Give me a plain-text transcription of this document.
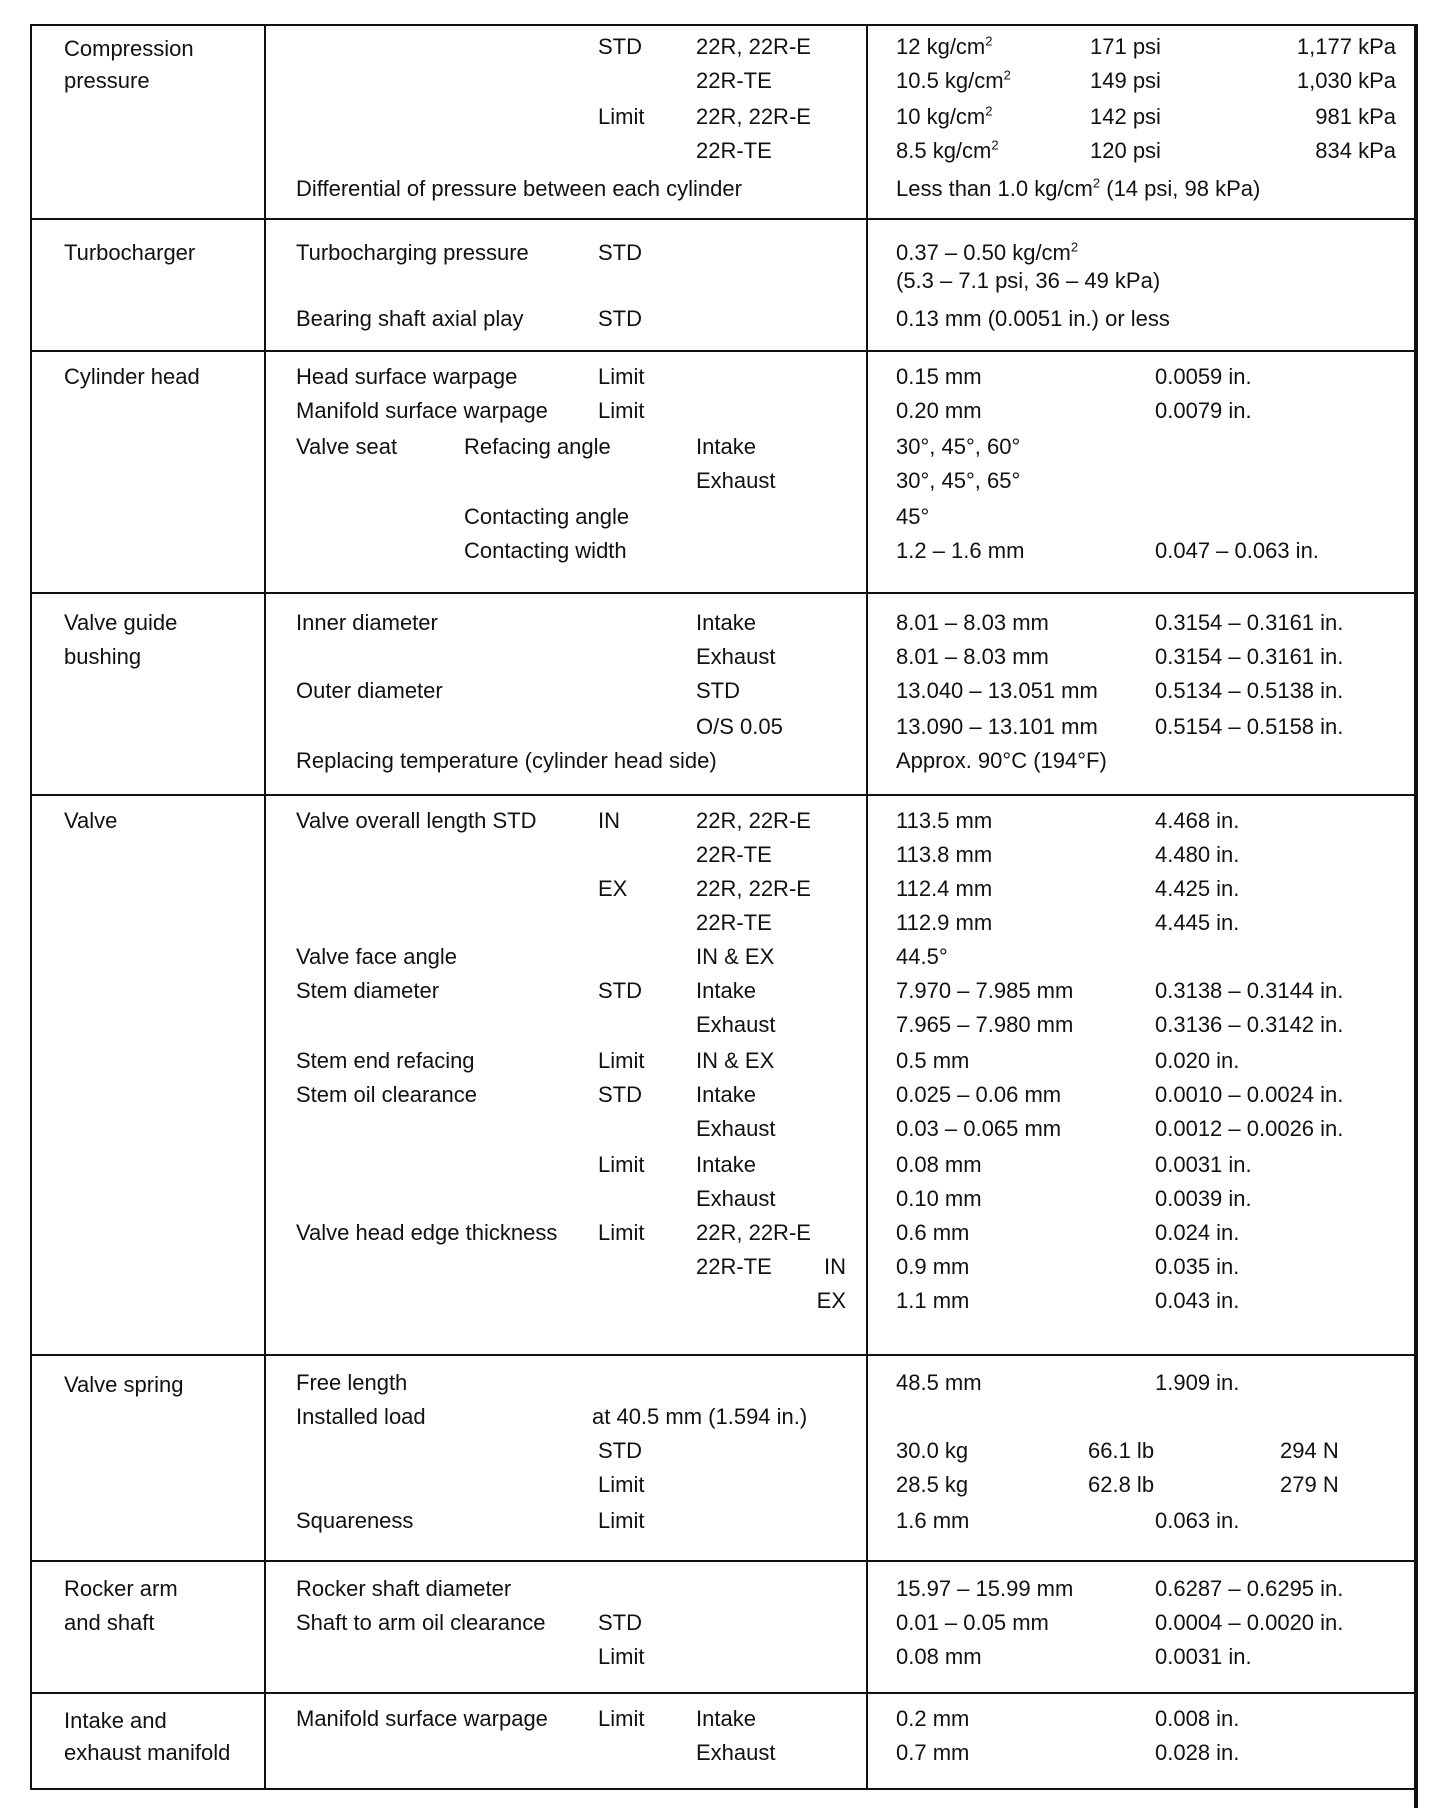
Compression
pressure
STD 22R, 22R-E	12 $kg/cm^2$	171 psi	1,177 kPa
22R-TE	10.5 $kg/cm^2$	149 psi	1,030 kPa
Limit 22R, 22R-E	10 $kg/cm^2$	142 psi	981 kPa
22R-TE	8.5 $kg/cm^2$	120 psi	834 kPa
Differential of pressure between each cylinder	Less than 1.0 $kg/cm^2$ (14 psi, 98 kPa)
Turbocharger	Turbocharging pressure	STD	0.37 – 0.50 $kg/cm^2$
(5.3 – 7.1 psi, 36 – 49 kPa)
Bearing shaft axial play	STD	0.13 mm (0.0051 in.) or less
Cylinder head	Head surface warpage	Limit	0.15 mm	0.0059 in.
Manifold surface warpage Limit	0.20 mm	0.0079 in.
Valve seat	Refacing angle	Intake	30°, 45°, 60°
Exhaust	30°, 45°, 65°
Contacting angle	45°
Contacting width	1.2 – 1.6 mm	0.047 – 0.063 in.
Valve guide
bushing
Inner diameter	Intake	8.01 – 8.03 mm	0.3154 – 0.3161 in.
Exhaust	8.01 – 8.03 mm	0.3154 – 0.3161 in.
Outer diameter	STD	13.040 – 13.051 mm	0.5134 – 0.5138 in.
O/S 0.05	13.090 – 13.101 mm	0.5154 – 0.5158 in.
Replacing temperature (cylinder head side)	Approx. 90°C (194°F)
Valve	Valve overall length STD	IN	22R, 22R-E	113.5 mm	4.468 in.
22R-TE	113.8 mm	4.480 in.
EX	22R, 22R-E	112.4 mm	4.425 in.
22R-TE	112.9 mm	4.445 in.
Valve face angle	IN & EX	44.5°
Stem diameter	STD Intake	7.970 – 7.985 mm	0.3138 – 0.3144 in.
Exhaust	7.965 – 7.980 mm	0.3136 – 0.3142 in.
Stem end refacing	Limit IN & EX	0.5 mm	0.020 in.
Stem oil clearance	STD Intake	0.025 – 0.06 mm	0.0010 – 0.0024 in.
Exhaust	0.03 – 0.065 mm	0.0012 – 0.0026 in.
Limit Intake	0.08 mm	0.0031 in.
Exhaust	0.10 mm	0.0039 in.
Valve head edge thickness Limit 22R, 22R-E	0.6 mm	0.024 in.
22R-TE IN 0.9 mm	0.035 in.
EX 1.1 mm	0.043 in.
Valve spring	Free length	48.5 mm	1.909 in.
Installed load	at 40.5 mm (1.594 in.)
STD	30.0 kg	66.1 lb	294 N
Limit	28.5 kg	62.8 lb	279 N
Squareness	Limit	1.6 mm	0.063 in.
Rocker arm
and shaft
Rocker shaft diameter	15.97 – 15.99 mm	0.6287 – 0.6295 in.
Shaft to arm oil clearance STD	0.01 – 0.05 mm	0.0004 – 0.0020 in.
Limit	0.08 mm	0.0031 in.
Intake and
exhaust manifold
Manifold surface warpage Limit Intake	0.2 mm	0.008 in.
Exhaust	0.7 mm	0.028 in.
